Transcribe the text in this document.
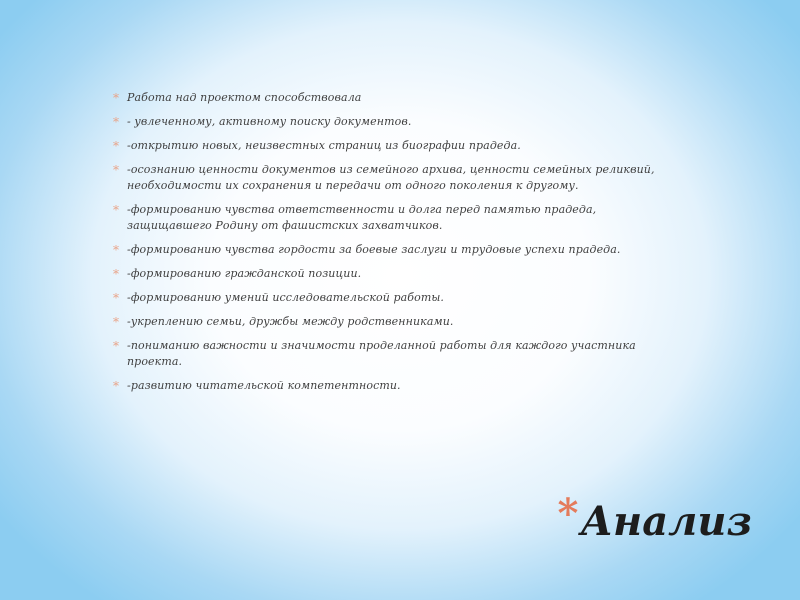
* Работа над проектом способствовала
* - увлеченному, активному поиску документов.
* -открытию новых, неизвестных страниц из биографии прадеда.
* -осознанию ценности документов из семейного архива, ценности семейных реликвий, необходимости их сохранения и передачи от одного поколения к другому.
* -формированию чувства ответственности и долга перед памятью прадеда, защищавшего Родину от фашистских захватчиков.
* -формированию чувства гордости за боевые заслуги и трудовые успехи прадеда.
* -формированию гражданской позиции.
* -формированию умений исследовательской работы.
* -укреплению семьи, дружбы между родственниками.
* -пониманию важности и значимости проделанной работы для каждого участника проекта.
* -развитию читательской компетентности.
* Анализ
